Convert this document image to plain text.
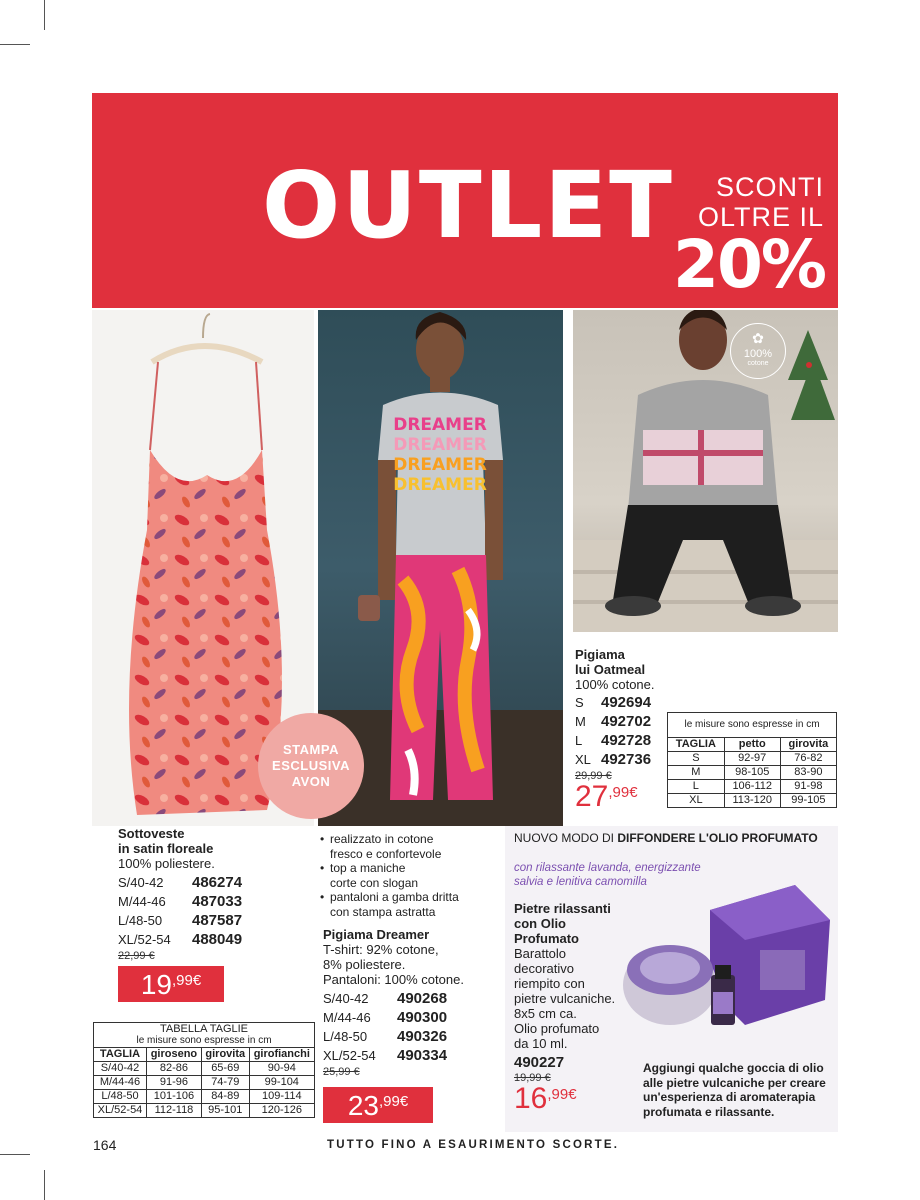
OUTLET SCONTI
OLTRE IL
20%
DREAMER
DREAMER
DREAMER
DREAMER
✿
100%
cotone
STAMPA
ESCLUSIVA
AVON
Sottoveste
in satin floreale
100% poliestere.
S/40-42	486274
M/44-46	487033
L/48-50	487587
XL/52-54	488049
22,99 €
19 ,99€
TABELLA TAGLIE
le misure sono espresse in cm
TAGLIA	giroseno	girovita	girofianchi
S/40-42	82-86	65-69	90-94
M/44-46	91-96	74-79	99-104
L/48-50	101-106	84-89	109-114
XL/52-54	112-118	95-101	120-126
• realizzato in cotone
fresco e confortevole
• top a maniche
corte con slogan
• pantaloni a gamba dritta
con stampa astratta
Pigiama Dreamer
T-shirt: 92% cotone,
8% poliestere.
Pantaloni: 100% cotone.
S/40-42	490268
M/44-46	490300
L/48-50	490326
XL/52-54	490334
25,99 €
23 ,99€
Pigiama
lui Oatmeal
100% cotone.
S	492694
M	492702
L	492728
XL 492736
29,99 €
27 ,99€
le misure sono espresse in cm
TAGLIA	petto	girovita
S	92-97	76-82
M	98-105	83-90
L	106-112	91-98
XL	113-120	99-105
NUOVO MODO DI DIFFONDERE L'OLIO PROFUMATO
con rilassante lavanda, energizzante
salvia e lenitiva camomilla
Pietre rilassanti
con Olio
Profumato
Barattolo
decorativo
riempito con
pietre vulcaniche.
8x5 cm ca.
Olio profumato
da 10 ml.
490227
19,99 €
16 ,99€
Aggiungi qualche goccia di olio
alle pietre vulcaniche per creare
un'esperienza di aromaterapia
profumata e rilassante.
164	TUTTO FINO A ESAURIMENTO SCORTE.
